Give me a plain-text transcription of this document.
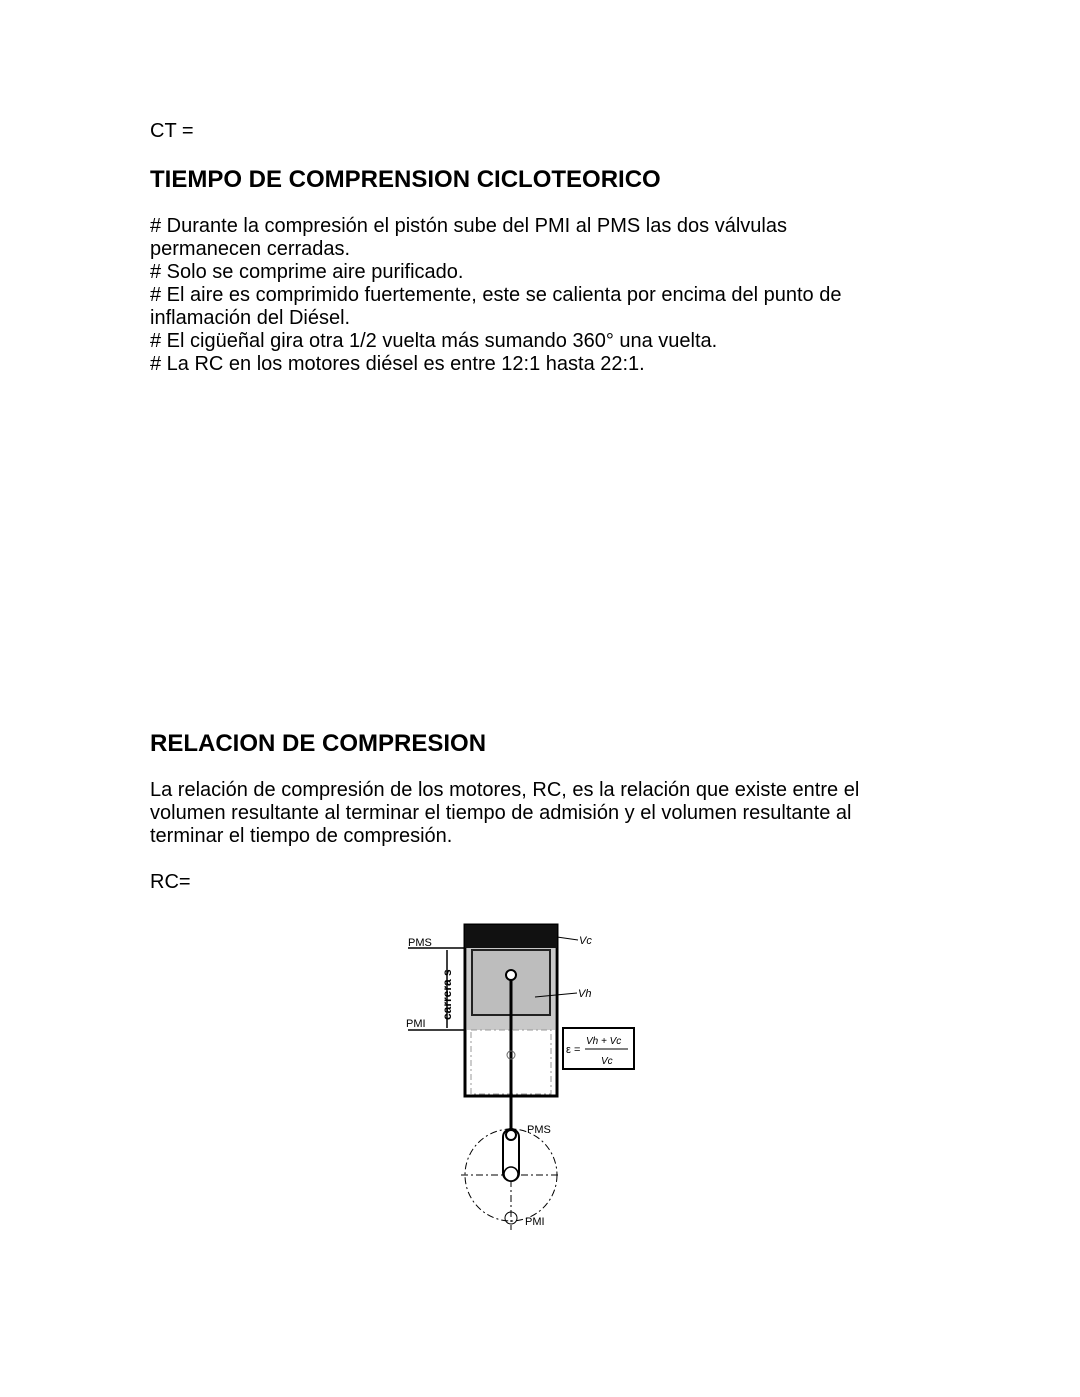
CT =

TIEMPO DE COMPRENSION CICLOTEORICO
# Durante la compresión el pistón sube del PMI al PMS las dos válvulas
permanecen cerradas.
# Solo se comprime aire purificado.
# El aire es comprimido fuertemente, este se calienta por encima del punto de
inflamación del Diésel.
# El cigüeñal gira otra 1/2 vuelta más sumando 360° una vuelta.
# La RC en los motores diésel es entre 12:1 hasta 22:1.
RELACION DE COMPRESION
La relación de compresión de los motores, RC, es la relación que existe entre el
volumen resultante al terminar el tiempo de admisión y el volumen resultante al
terminar el tiempo de compresión.

RC=

PMS
PMI
carrera s
Vc
Vh
ε =
Vh + Vc
Vc
PMS
PMI
